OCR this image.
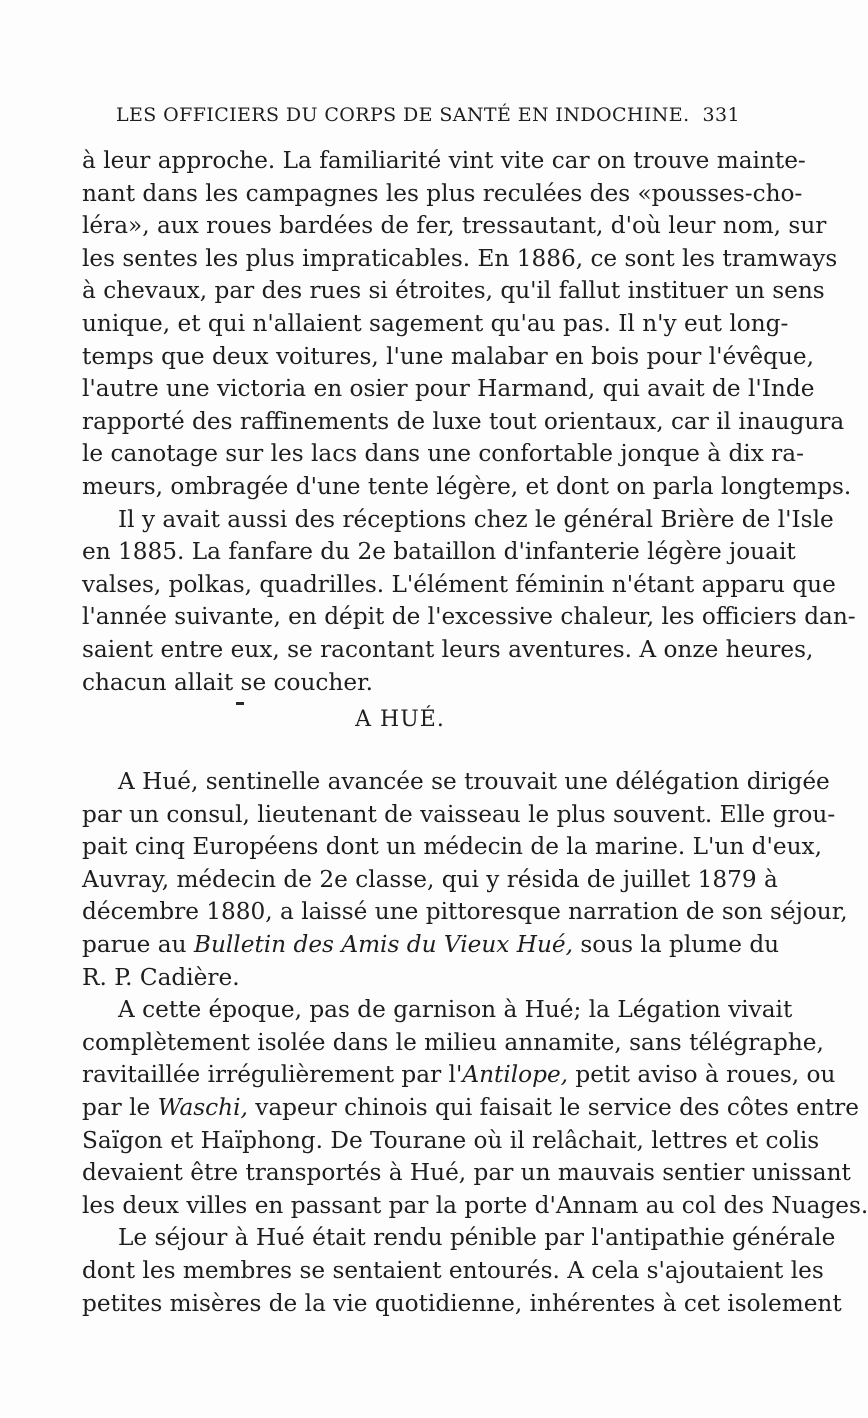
LES OFFICIERS DU CORPS DE SANTÉ EN INDOCHINE. 331
à leur approche. La familiarité vint vite car on trouve mainte-
nant dans les campagnes les plus reculées des «pousses-cho-
léra», aux roues bardées de fer, tressautant, d'où leur nom, sur
les sentes les plus impraticables. En 1886, ce sont les tramways
à chevaux, par des rues si étroites, qu'il fallut instituer un sens
unique, et qui n'allaient sagement qu'au pas. Il n'y eut long-
temps que deux voitures, l'une malabar en bois pour l'évêque,
l'autre une victoria en osier pour Harmand, qui avait de l'Inde
rapporté des raffinements de luxe tout orientaux, car il inaugura
le canotage sur les lacs dans une confortable jonque à dix ra-
meurs, ombragée d'une tente légère, et dont on parla longtemps.
Il y avait aussi des réceptions chez le général Brière de l'Isle
en 1885. La fanfare du 2e bataillon d'infanterie légère jouait
valses, polkas, quadrilles. L'élément féminin n'étant apparu que
l'année suivante, en dépit de l'excessive chaleur, les officiers dan-
saient entre eux, se racontant leurs aventures. A onze heures,
chacun allait se coucher.
A HUÉ.
A Hué, sentinelle avancée se trouvait une délégation dirigée
par un consul, lieutenant de vaisseau le plus souvent. Elle grou-
pait cinq Européens dont un médecin de la marine. L'un d'eux,
Auvray, médecin de 2e classe, qui y résida de juillet 1879 à
décembre 1880, a laissé une pittoresque narration de son séjour,
parue au Bulletin des Amis du Vieux Hué, sous la plume du
R. P. Cadière.
A cette époque, pas de garnison à Hué; la Légation vivait
complètement isolée dans le milieu annamite, sans télégraphe,
ravitaillée irrégulièrement par l'Antilope, petit aviso à roues, ou
par le Waschi, vapeur chinois qui faisait le service des côtes entre
Saïgon et Haïphong. De Tourane où il relâchait, lettres et colis
devaient être transportés à Hué, par un mauvais sentier unissant
les deux villes en passant par la porte d'Annam au col des Nuages.
Le séjour à Hué était rendu pénible par l'antipathie générale
dont les membres se sentaient entourés. A cela s'ajoutaient les
petites misères de la vie quotidienne, inhérentes à cet isolement
